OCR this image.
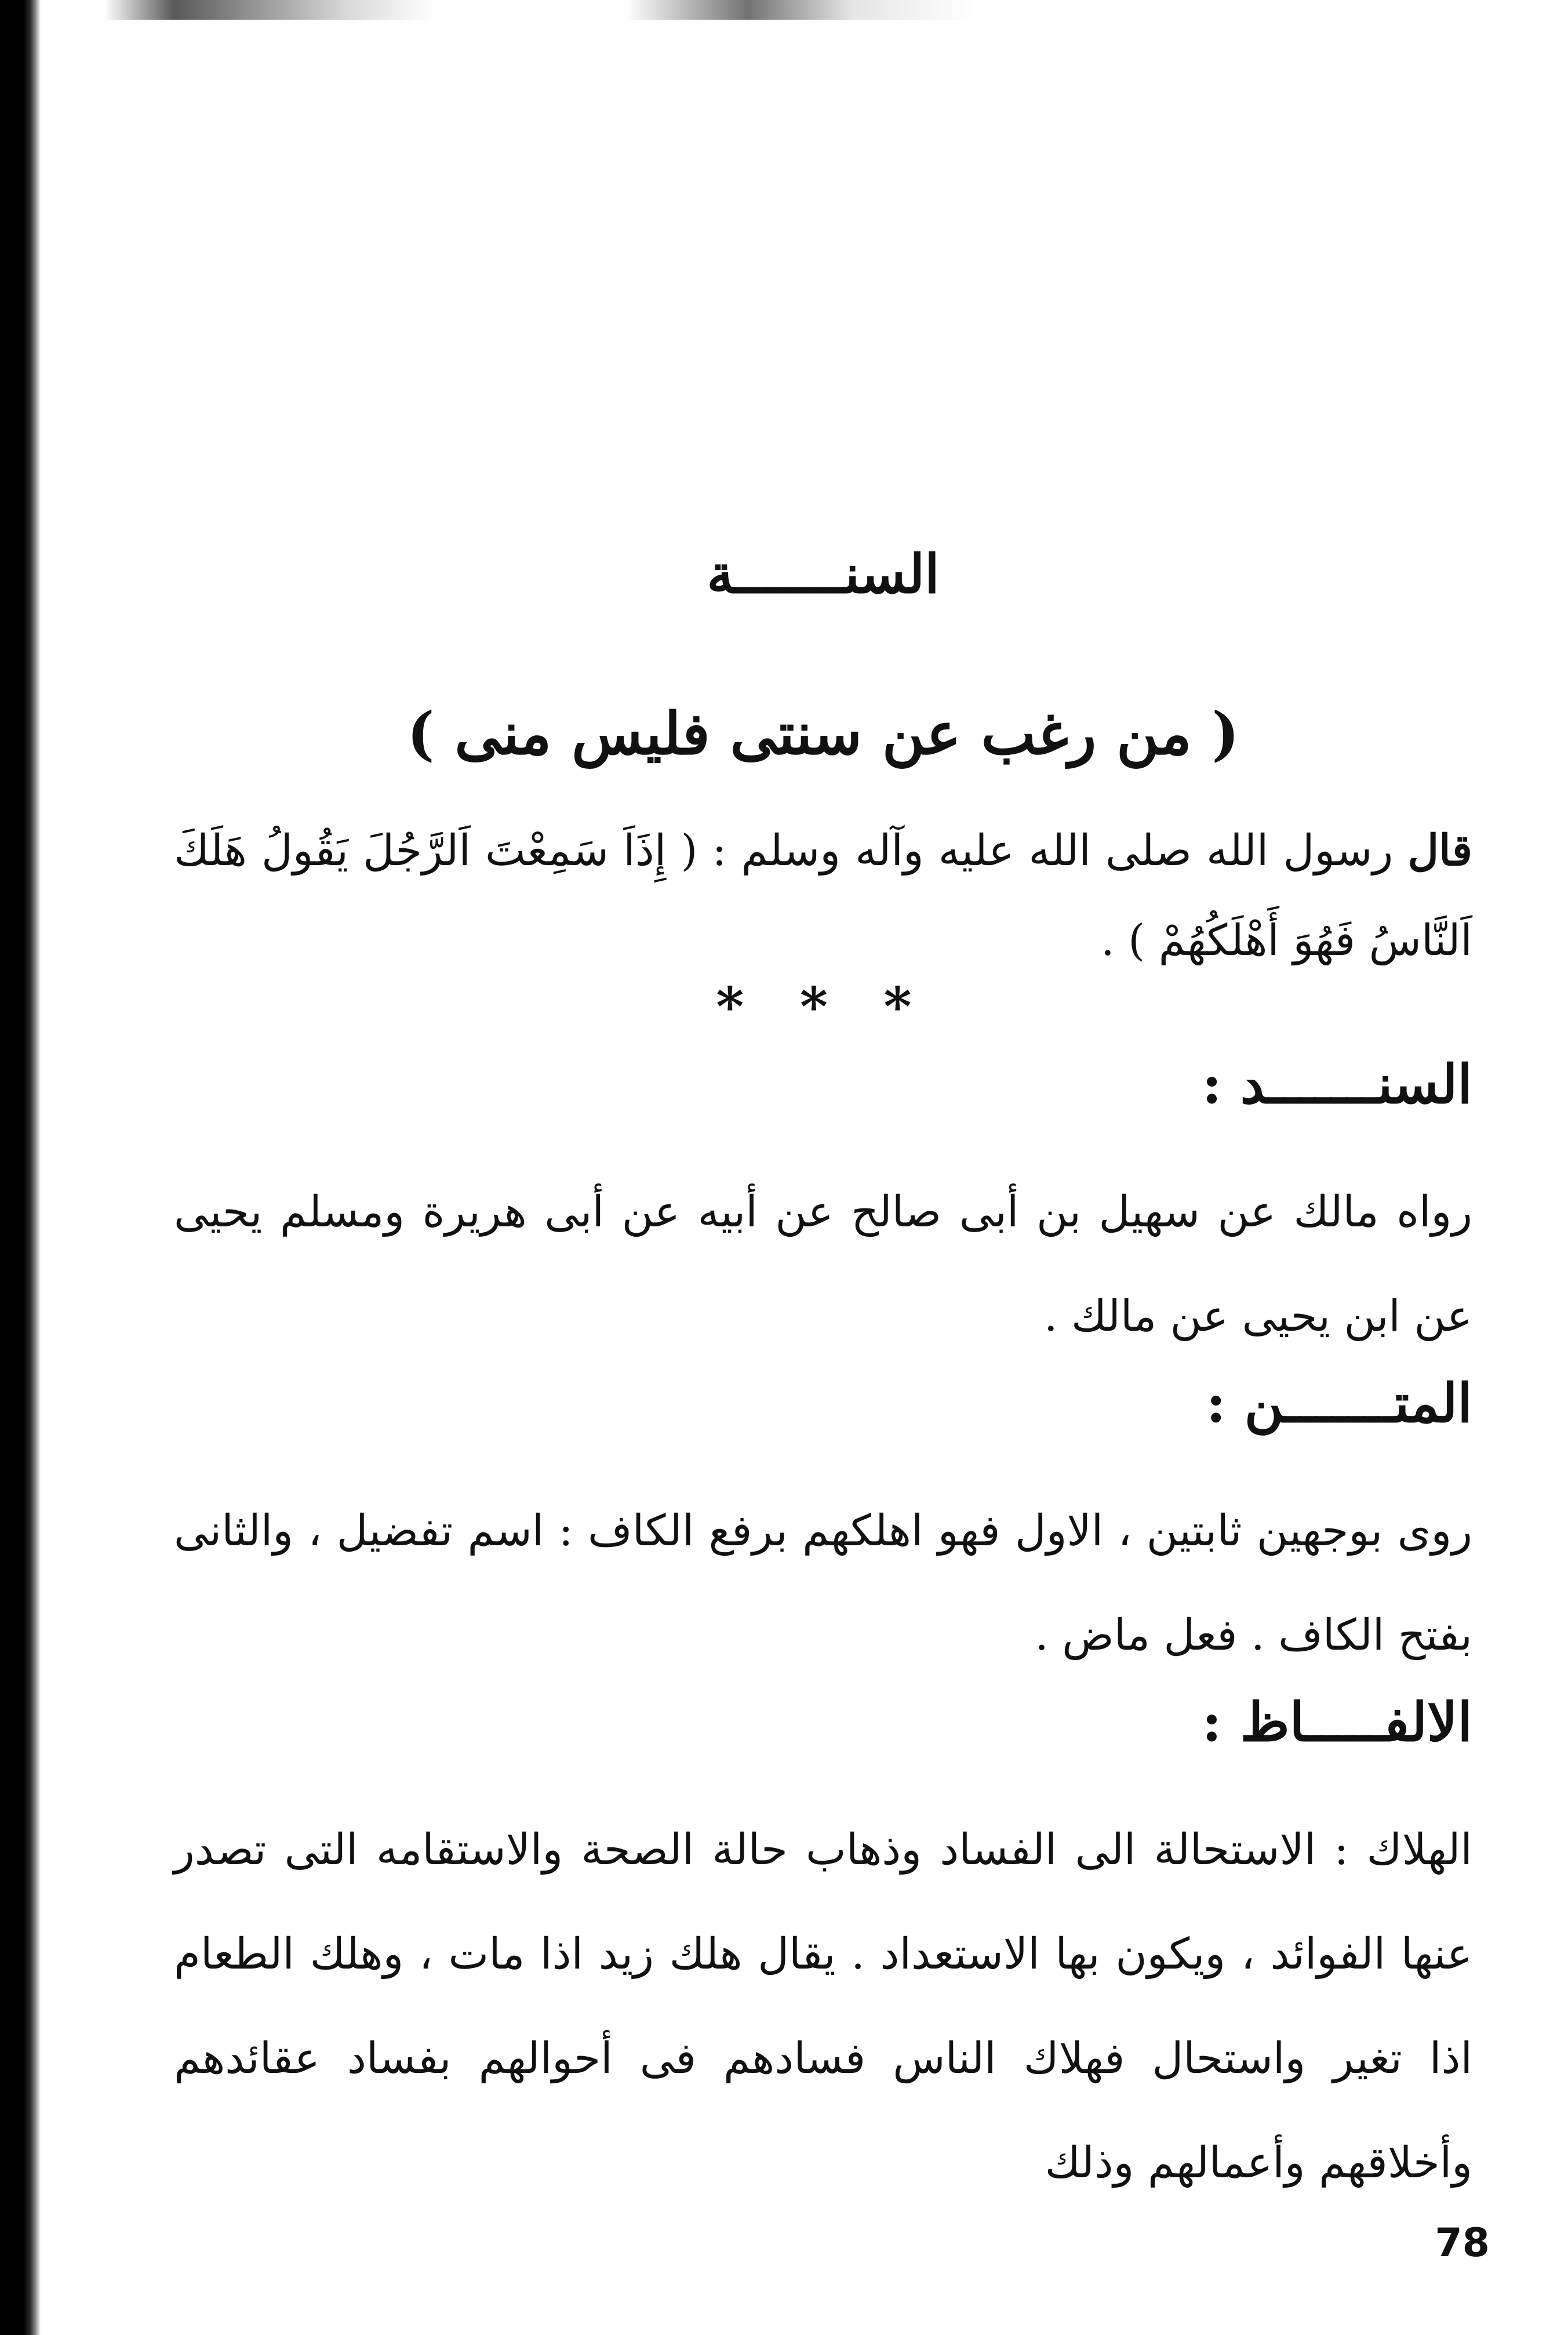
السنـــــــة
( من رغب عن سنتى فليس منى )
قال رسول الله صلى الله عليه وآله وسلم : ( إِذَاَ سَمِعْتَ اَلرَّجُلَ يَقُولُ هَلَكَ اَلنَّاسُ فَهُوَ أَهْلَكُهُمْ ) .
* * *
السنـــــــد :
رواه مالك عن سهيل بن أبى صالح عن أبيه عن أبى هريرة ومسلم يحيى عن ابن يحيى عن مالك .
المتـــــــن :
روى بوجهين ثابتين ، الاول فهو اهلكهم برفع الكاف : اسم تفضيل ، والثانى بفتح الكاف . فعل ماض .
الالفـــــاظ :
الهلاك : الاستحالة الى الفساد وذهاب حالة الصحة والاستقامه التى تصدر عنها الفوائد ، ويكون بها الاستعداد . يقال هلك زيد اذا مات ، وهلك الطعام اذا تغير واستحال فهلاك الناس فسادهم فى أحوالهم بفساد عقائدهم وأخلاقهم وأعمالهم وذلك
78
